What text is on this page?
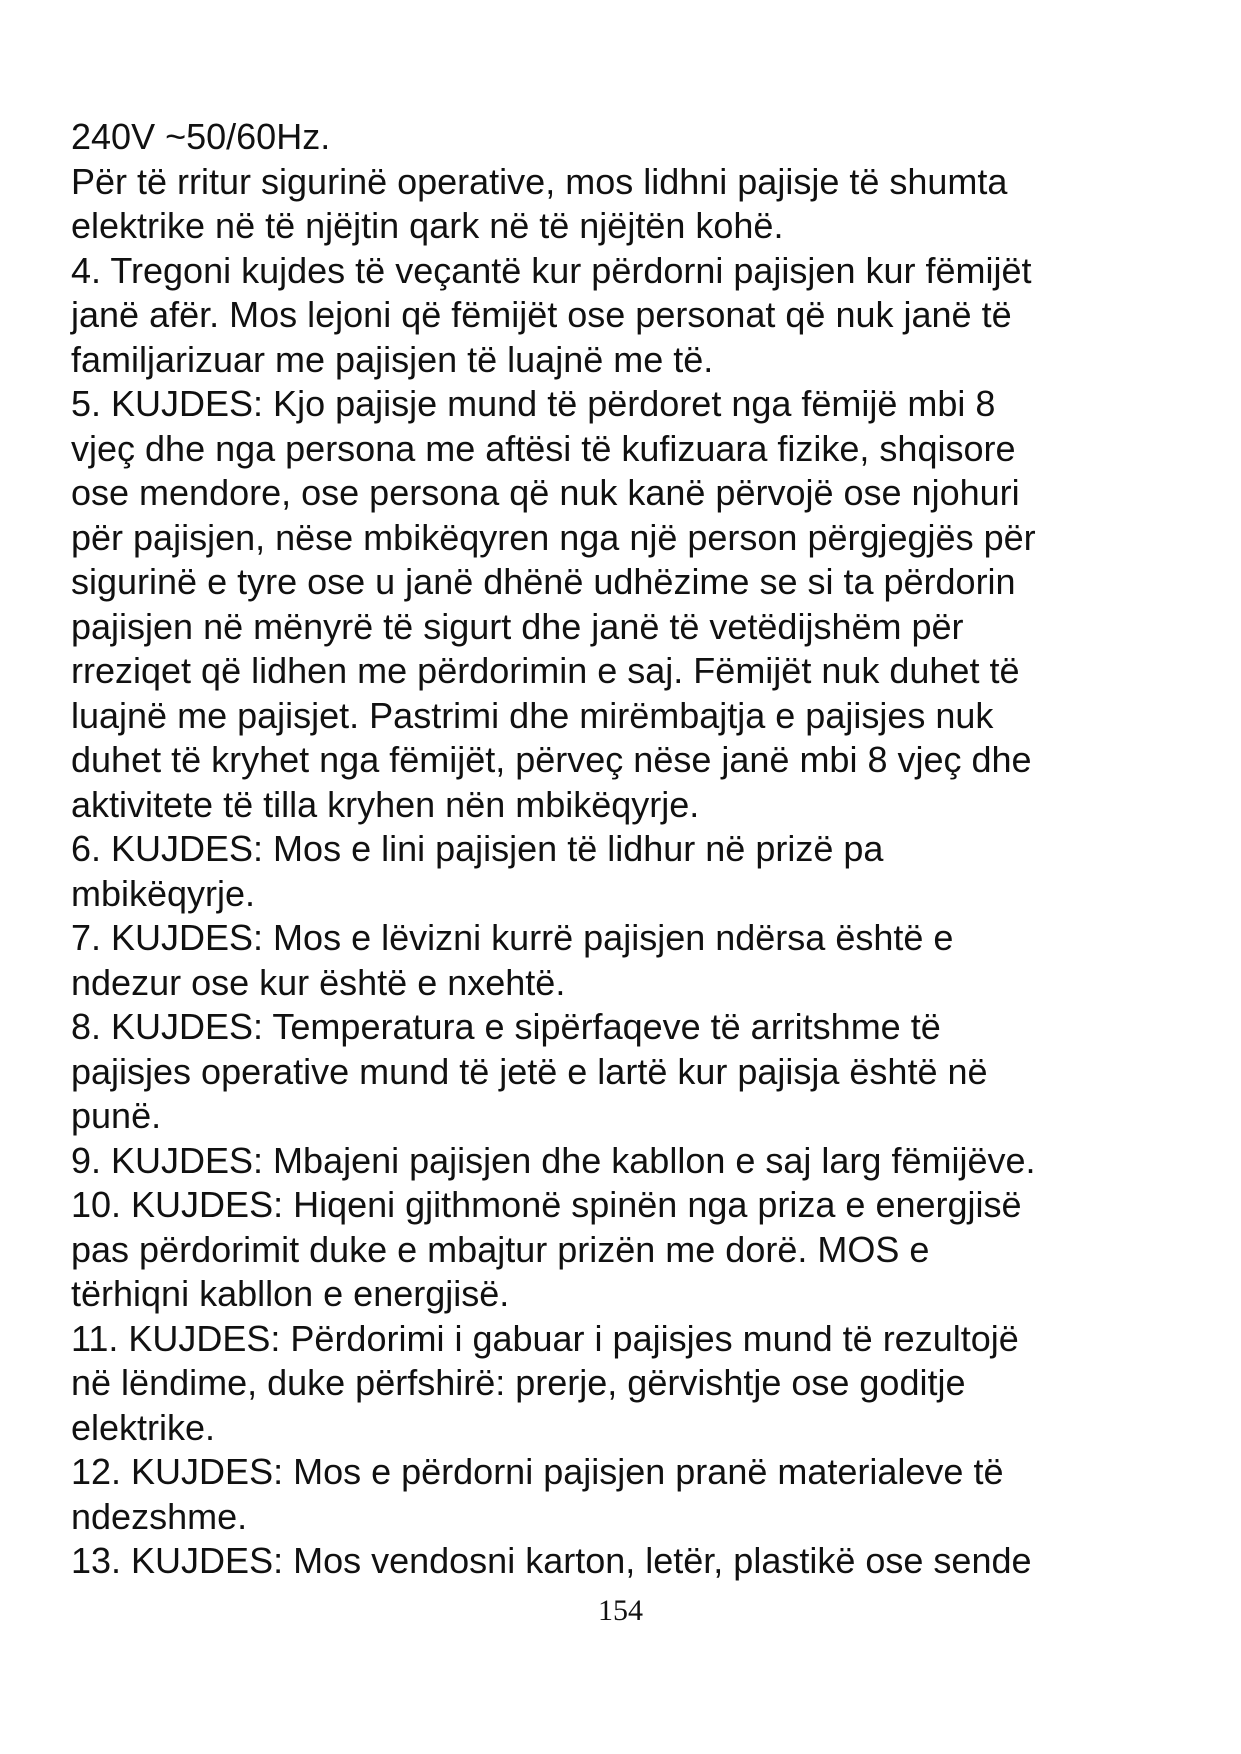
240V ~50/60Hz.
Për të rritur sigurinë operative, mos lidhni pajisje të shumta
elektrike në të njëjtin qark në të njëjtën kohë.
4. Tregoni kujdes të veçantë kur përdorni pajisjen kur fëmijët
janë afër. Mos lejoni që fëmijët ose personat që nuk janë të
familjarizuar me pajisjen të luajnë me të.
5. KUJDES: Kjo pajisje mund të përdoret nga fëmijë mbi 8
vjeç dhe nga persona me aftësi të kufizuara fizike, shqisore
ose mendore, ose persona që nuk kanë përvojë ose njohuri
për pajisjen, nëse mbikëqyren nga një person përgjegjës për
sigurinë e tyre ose u janë dhënë udhëzime se si ta përdorin
pajisjen në mënyrë të sigurt dhe janë të vetëdijshëm për
rreziqet që lidhen me përdorimin e saj. Fëmijët nuk duhet të
luajnë me pajisjet. Pastrimi dhe mirëmbajtja e pajisjes nuk
duhet të kryhet nga fëmijët, përveç nëse janë mbi 8 vjeç dhe
aktivitete të tilla kryhen nën mbikëqyrje.
6. KUJDES: Mos e lini pajisjen të lidhur në prizë pa
mbikëqyrje.
7. KUJDES: Mos e lëvizni kurrë pajisjen ndërsa është e
ndezur ose kur është e nxehtë.
8. KUJDES: Temperatura e sipërfaqeve të arritshme të
pajisjes operative mund të jetë e lartë kur pajisja është në
punë.
9. KUJDES: Mbajeni pajisjen dhe kabllon e saj larg fëmijëve.
10. KUJDES: Hiqeni gjithmonë spinën nga priza e energjisë
pas përdorimit duke e mbajtur prizën me dorë. MOS e
tërhiqni kabllon e energjisë.
11. KUJDES: Përdorimi i gabuar i pajisjes mund të rezultojë
në lëndime, duke përfshirë: prerje, gërvishtje ose goditje
elektrike.
12. KUJDES: Mos e përdorni pajisjen pranë materialeve të
ndezshme.
13. KUJDES: Mos vendosni karton, letër, plastikë ose sende
154
